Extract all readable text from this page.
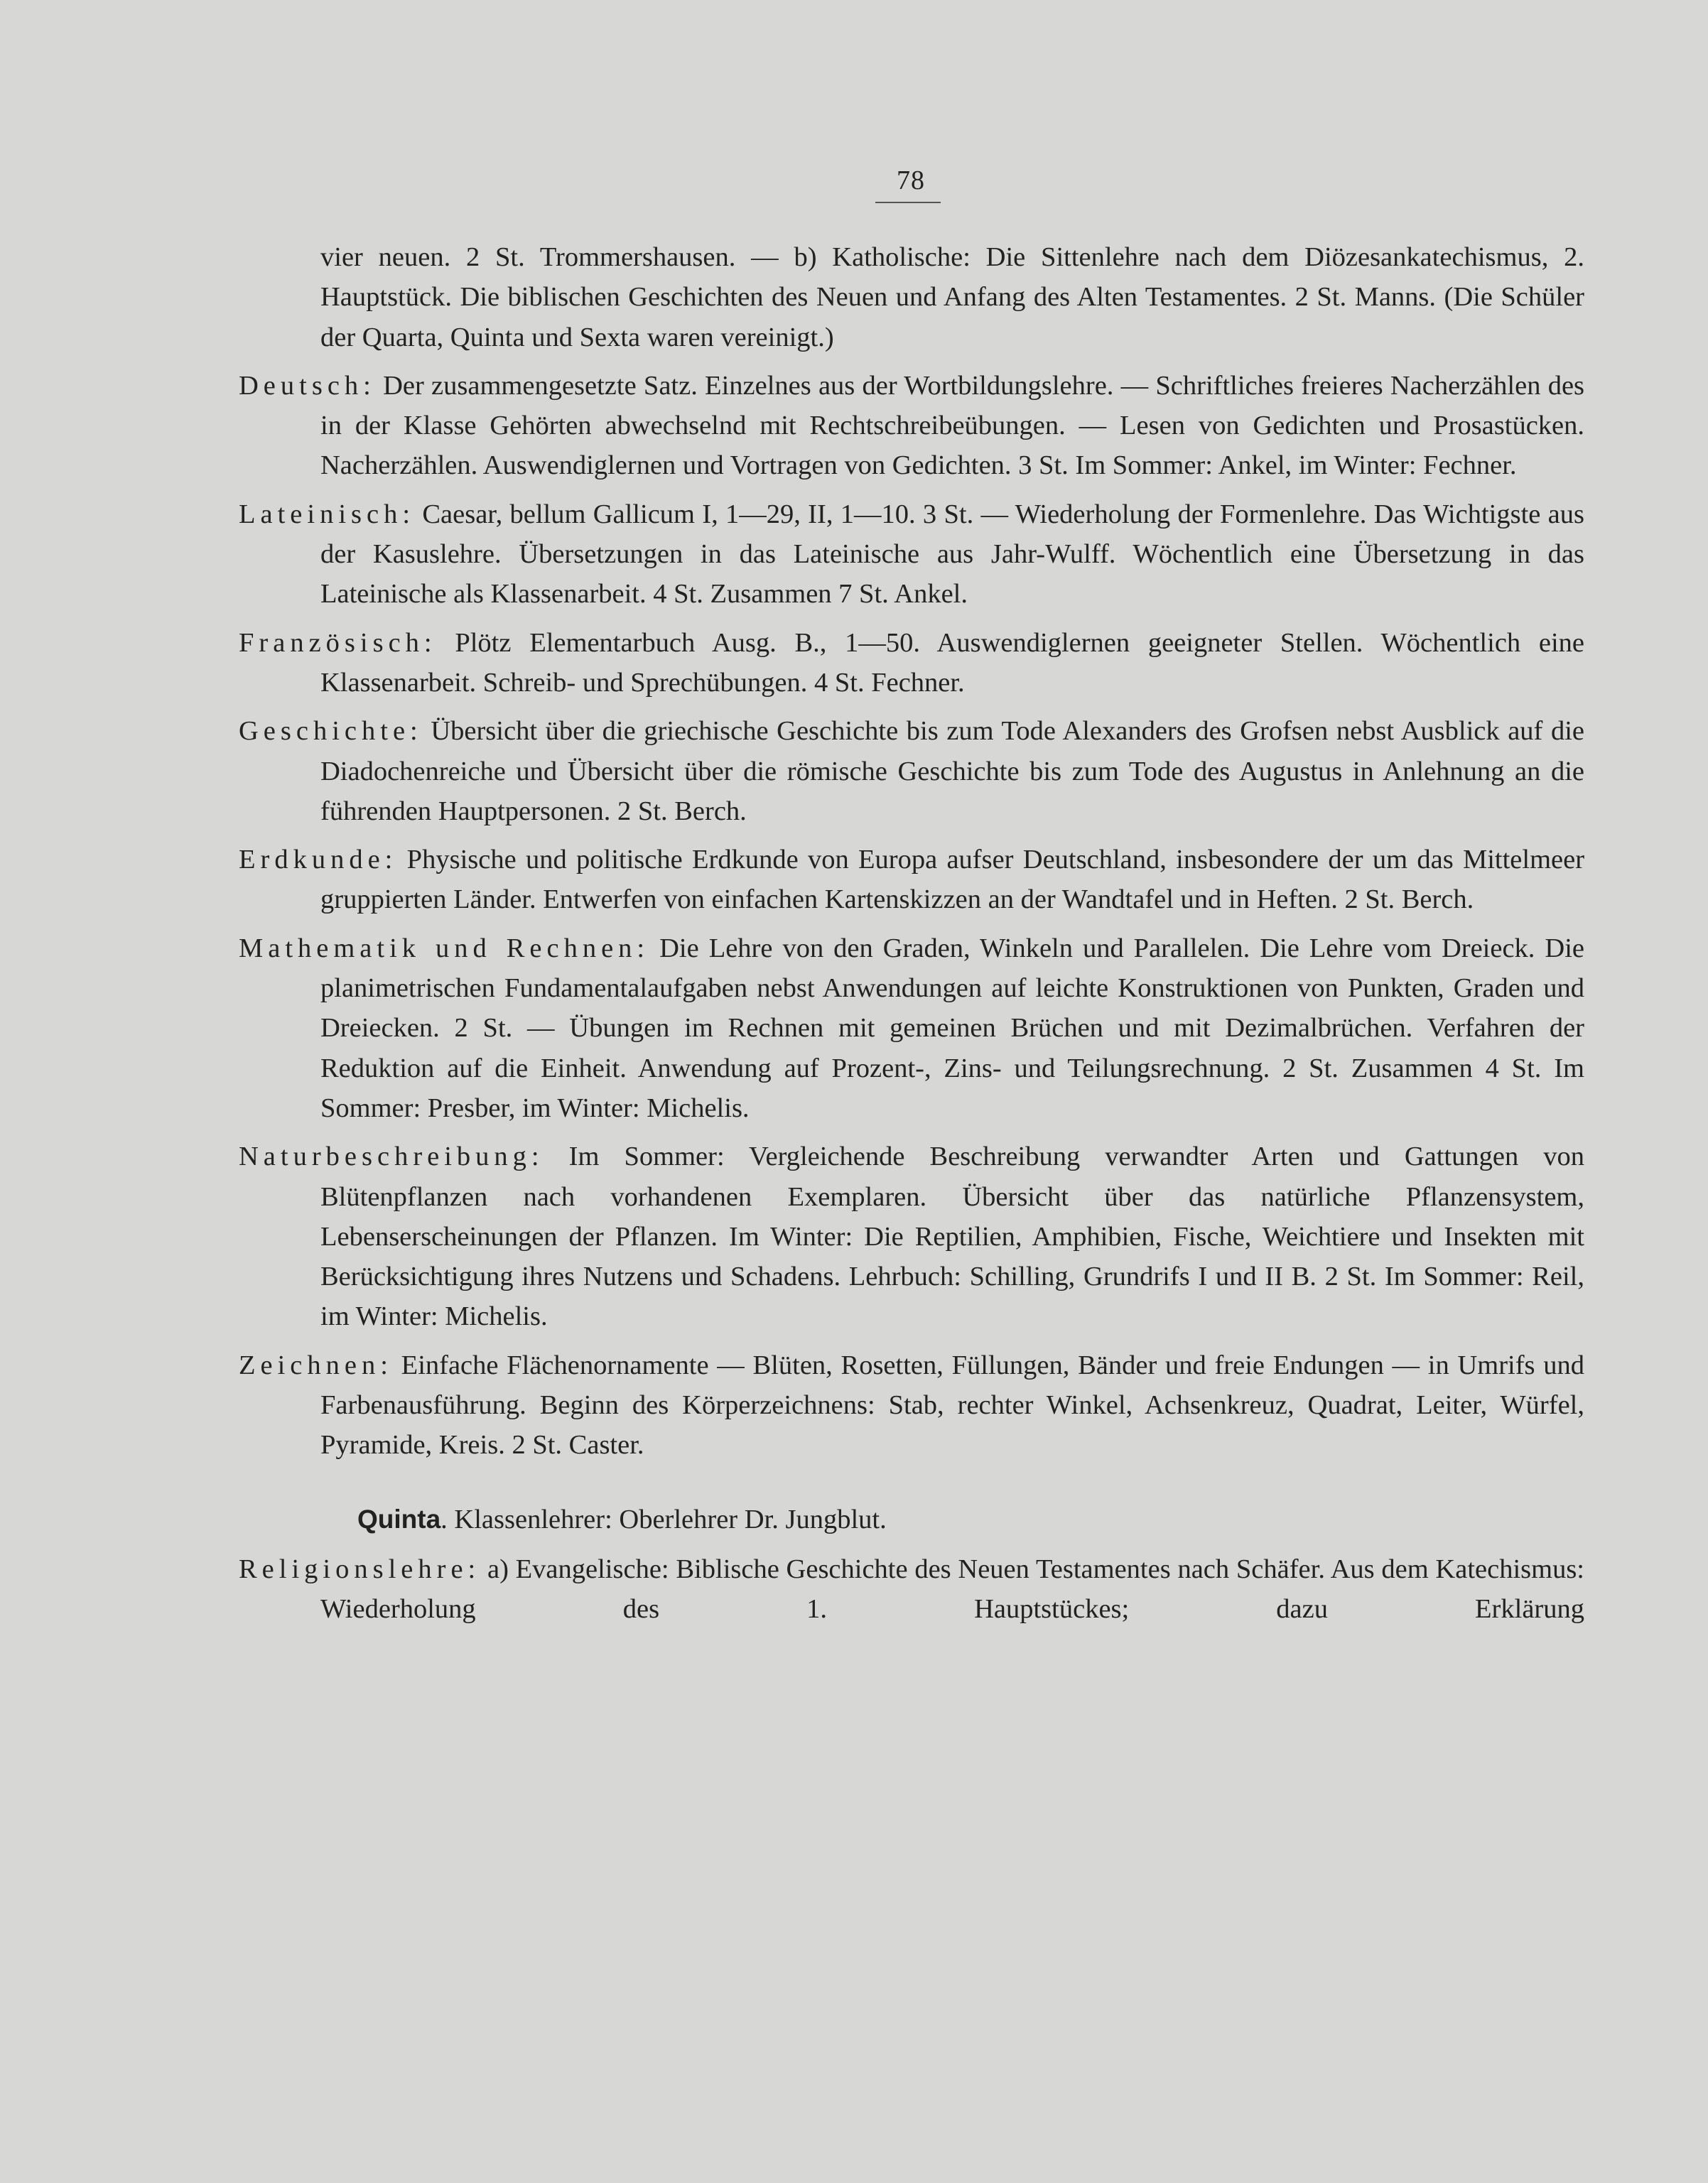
78

vier neuen. 2 St. Trommershausen. — b) Katholische: Die Sittenlehre nach dem Diözesankatechismus, 2. Hauptstück. Die biblischen Geschichten des Neuen und Anfang des Alten Testamentes. 2 St. Manns. (Die Schüler der Quarta, Quinta und Sexta waren vereinigt.)

Deutsch: Der zusammengesetzte Satz. Einzelnes aus der Wortbildungslehre. — Schriftliches freieres Nacherzählen des in der Klasse Gehörten abwechselnd mit Rechtschreibeübungen. — Lesen von Gedichten und Prosastücken. Nacherzählen. Auswendiglernen und Vortragen von Gedichten. 3 St. Im Sommer: Ankel, im Winter: Fechner.

Lateinisch: Caesar, bellum Gallicum I, 1—29, II, 1—10. 3 St. — Wiederholung der Formenlehre. Das Wichtigste aus der Kasuslehre. Übersetzungen in das Lateinische aus Jahr-Wulff. Wöchentlich eine Übersetzung in das Lateinische als Klassenarbeit. 4 St. Zusammen 7 St. Ankel.

Französisch: Plötz Elementarbuch Ausg. B., 1—50. Auswendiglernen geeigneter Stellen. Wöchentlich eine Klassenarbeit. Schreib- und Sprechübungen. 4 St. Fechner.

Geschichte: Übersicht über die griechische Geschichte bis zum Tode Alexanders des Grofsen nebst Ausblick auf die Diadochenreiche und Übersicht über die römische Geschichte bis zum Tode des Augustus in Anlehnung an die führenden Hauptpersonen. 2 St. Berch.

Erdkunde: Physische und politische Erdkunde von Europa aufser Deutschland, insbesondere der um das Mittelmeer gruppierten Länder. Entwerfen von einfachen Kartenskizzen an der Wandtafel und in Heften. 2 St. Berch.

Mathematik und Rechnen: Die Lehre von den Graden, Winkeln und Parallelen. Die Lehre vom Dreieck. Die planimetrischen Fundamentalaufgaben nebst Anwendungen auf leichte Konstruktionen von Punkten, Graden und Dreiecken. 2 St. — Übungen im Rechnen mit gemeinen Brüchen und mit Dezimalbrüchen. Verfahren der Reduktion auf die Einheit. Anwendung auf Prozent-, Zins- und Teilungsrechnung. 2 St. Zusammen 4 St. Im Sommer: Presber, im Winter: Michelis.

Naturbeschreibung: Im Sommer: Vergleichende Beschreibung verwandter Arten und Gattungen von Blütenpflanzen nach vorhandenen Exemplaren. Übersicht über das natürliche Pflanzensystem, Lebenserscheinungen der Pflanzen. Im Winter: Die Reptilien, Amphibien, Fische, Weichtiere und Insekten mit Berücksichtigung ihres Nutzens und Schadens. Lehrbuch: Schilling, Grundrifs I und II B. 2 St. Im Sommer: Reil, im Winter: Michelis.

Zeichnen: Einfache Flächenornamente — Blüten, Rosetten, Füllungen, Bänder und freie Endungen — in Umrifs und Farbenausführung. Beginn des Körperzeichnens: Stab, rechter Winkel, Achsenkreuz, Quadrat, Leiter, Würfel, Pyramide, Kreis. 2 St. Caster.

Quinta. Klassenlehrer: Oberlehrer Dr. Jungblut.

Religionslehre: a) Evangelische: Biblische Geschichte des Neuen Testamentes nach Schäfer. Aus dem Katechismus: Wiederholung des 1. Hauptstückes; dazu Erklärung
